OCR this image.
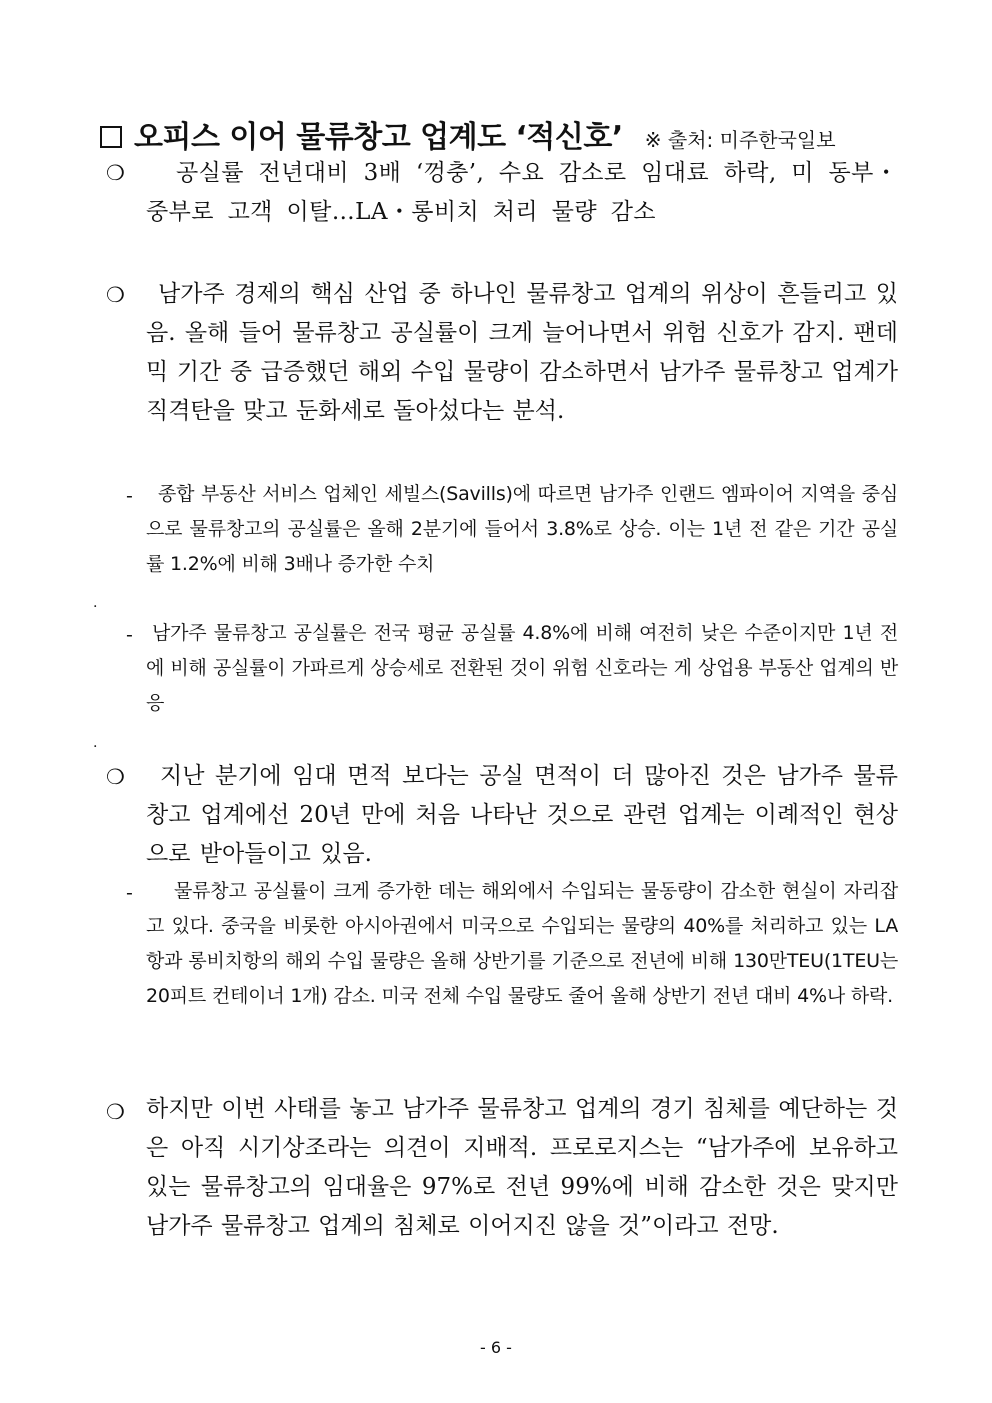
오피스 이어 물류창고 업계도 ‘적신호’ ※ 출처: 미주한국일보
❍	공실률 전년대비 3배 ‘껑충’, 수요 감소로 임대료 하락, 미 동부・중부로 고객 이탈…LA・롱비치 처리 물량 감소
❍	남가주 경제의 핵심 산업 중 하나인 물류창고 업계의 위상이 흔들리고 있음. 올해 들어 물류창고 공실률이 크게 늘어나면서 위험 신호가 감지. 팬데믹 기간 중 급증했던 해외 수입 물량이 감소하면서 남가주 물류창고 업계가 직격탄을 맞고 둔화세로 돌아섰다는 분석.
-	종합 부동산 서비스 업체인 세빌스(Savills)에 따르면 남가주 인랜드 엠파이어 지역을 중심으로 물류창고의 공실률은 올해 2분기에 들어서 3.8%로 상승. 이는 1년 전 같은 기간 공실률 1.2%에 비해 3배나 증가한 수치
.
-	남가주 물류창고 공실률은 전국 평균 공실률 4.8%에 비해 여전히 낮은 수준이지만 1년 전에 비해 공실률이 가파르게 상승세로 전환된 것이 위험 신호라는 게 상업용 부동산 업계의 반응
.
❍	지난 분기에 임대 면적 보다는 공실 면적이 더 많아진 것은 남가주 물류창고 업계에선 20년 만에 처음 나타난 것으로 관련 업계는 이례적인 현상으로 받아들이고 있음.
-	물류창고 공실률이 크게 증가한 데는 해외에서 수입되는 물동량이 감소한 현실이 자리잡고 있다. 중국을 비롯한 아시아권에서 미국으로 수입되는 물량의 40%를 처리하고 있는 LA항과 롱비치항의 해외 수입 물량은 올해 상반기를 기준으로 전년에 비해 130만TEU(1TEU는 20피트 컨테이너 1개) 감소. 미국 전체 수입 물량도 줄어 올해 상반기 전년 대비 4%나 하락.
❍ 하지만 이번 사태를 놓고 남가주 물류창고 업계의 경기 침체를 예단하는 것은 아직 시기상조라는 의견이 지배적. 프로로지스는 “남가주에 보유하고 있는 물류창고의 임대율은 97%로 전년 99%에 비해 감소한 것은 맞지만 남가주 물류창고 업계의 침체로 이어지진 않을 것”이라고 전망.
- 6 -
